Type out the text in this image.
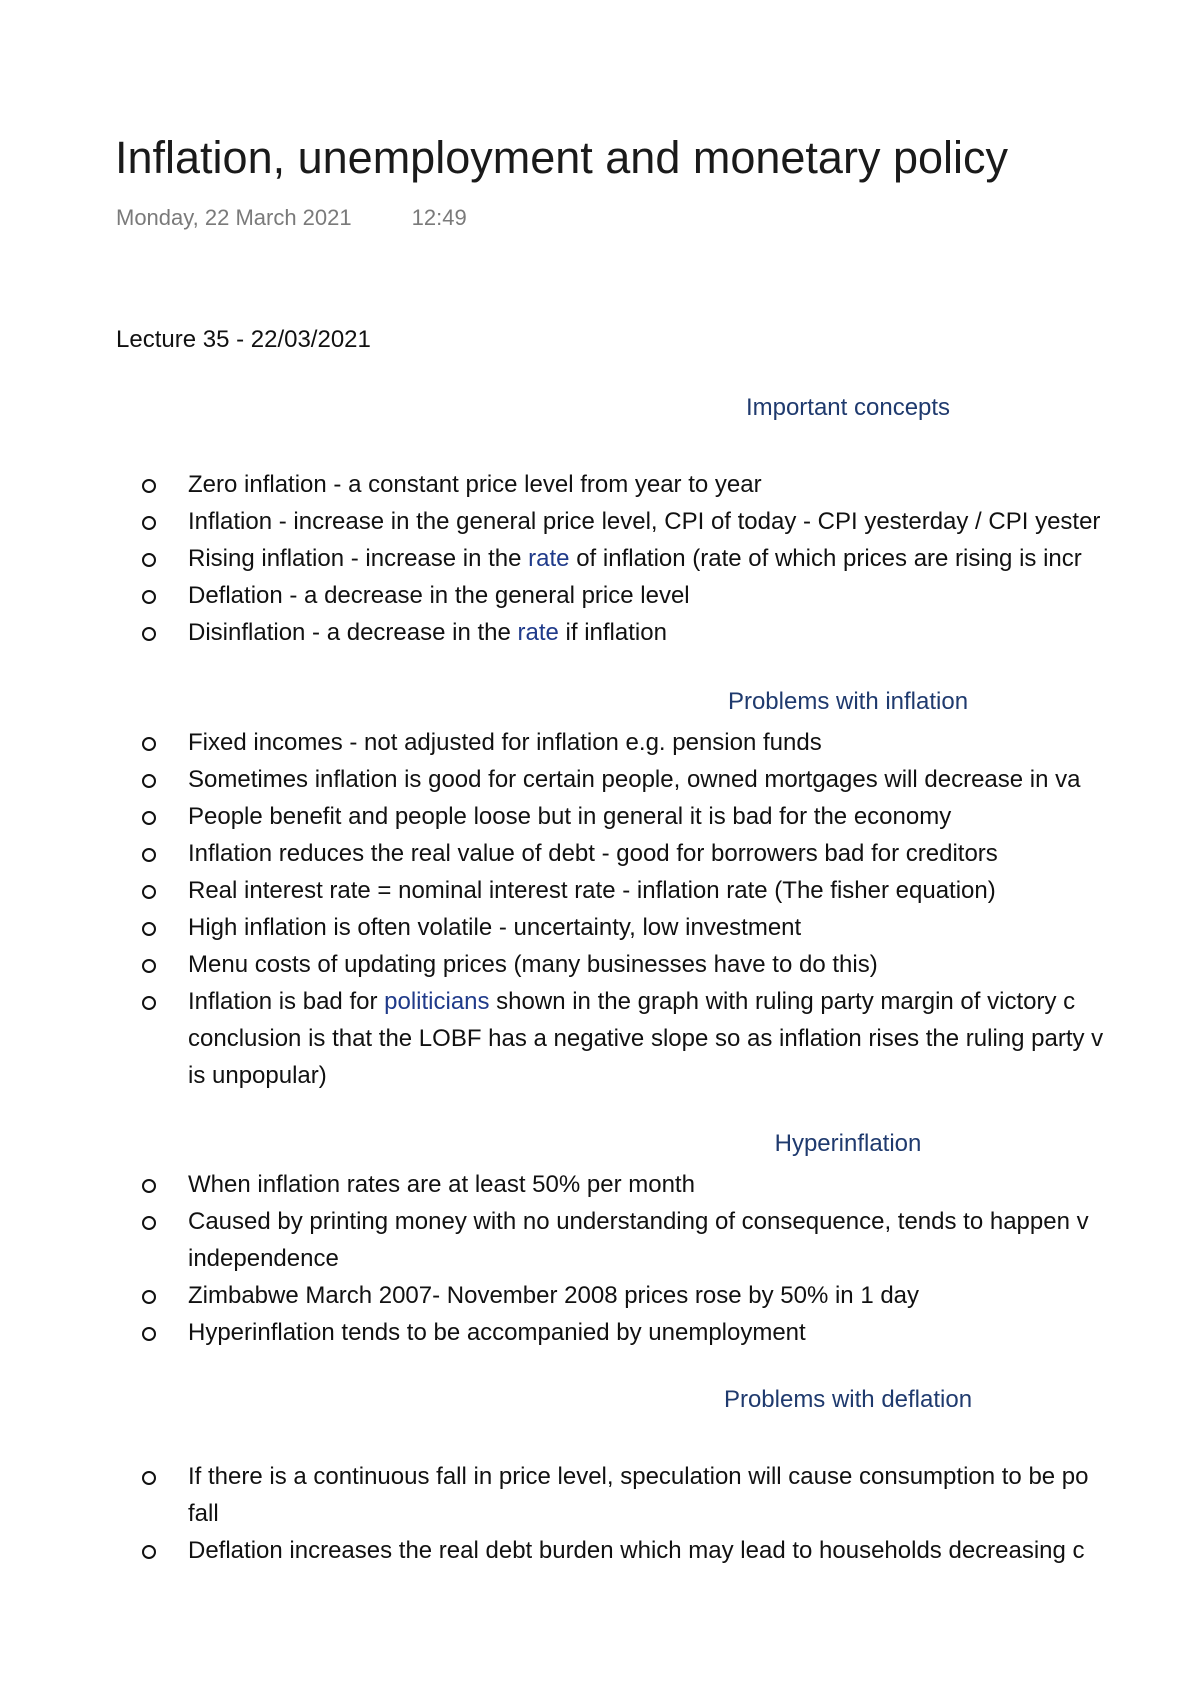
Inflation, unemployment and monetary policy
Monday, 22 March 2021	12:49
Lecture 35 - 22/03/2021
Important concepts
Zero inflation - a constant price level from year to year
Inflation - increase in the general price level, CPI of today - CPI yesterday / CPI yester
Rising inflation - increase in the rate of inflation (rate of which prices are rising is incr
Deflation - a decrease in the general price level
Disinflation - a decrease in the rate if inflation
Problems with inflation
Fixed incomes - not adjusted for inflation e.g. pension funds
Sometimes inflation is good for certain people, owned mortgages will decrease in va
People benefit and people loose but in general it is bad for the economy
Inflation reduces the real value of debt - good for borrowers bad for creditors
Real interest rate = nominal interest rate - inflation rate (The fisher equation)
High inflation is often volatile - uncertainty, low investment
Menu costs of updating prices (many businesses have to do this)
Inflation is bad for politicians shown in the graph with ruling party margin of victory c
conclusion is that the LOBF has a negative slope so as inflation rises the ruling party v
is unpopular)
Hyperinflation
When inflation rates are at least 50% per month
Caused by printing money with no understanding of consequence, tends to happen v
independence
Zimbabwe March 2007- November 2008 prices rose by 50% in 1 day
Hyperinflation tends to be accompanied by unemployment
Problems with deflation
If there is a continuous fall in price level, speculation will cause consumption to be po
fall
Deflation increases the real debt burden which may lead to households decreasing c
